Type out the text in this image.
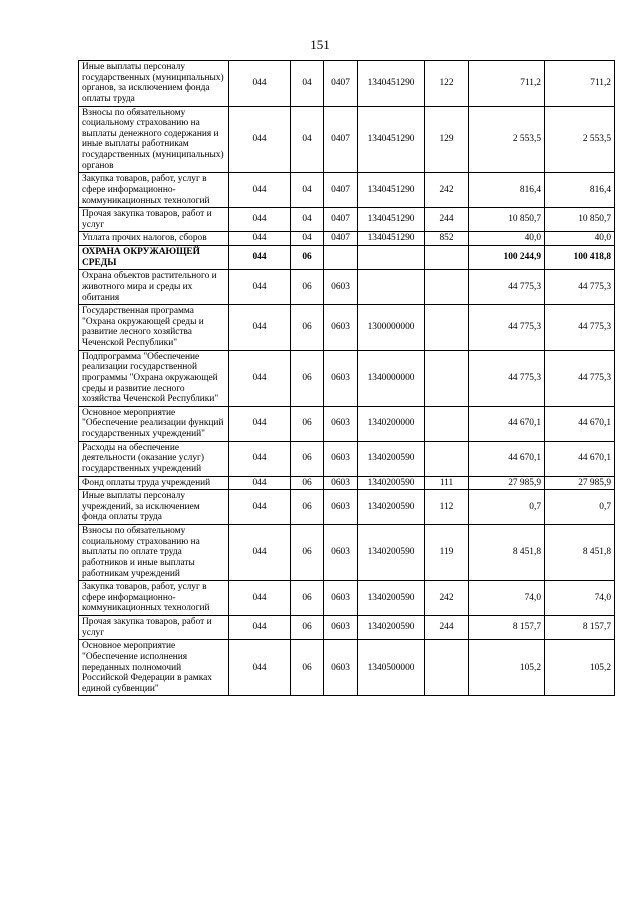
151
Иные выплаты персоналу государственных (муниципальных) органов, за исключением фонда оплаты труда	044	04	0407	1340451290	122	711,2	711,2
Взносы по обязательному социальному страхованию на выплаты денежного содержания и иные выплаты работникам государственных (муниципальных) органов	044	04	0407	1340451290	129	2 553,5	2 553,5
Закупка товаров, работ, услуг в сфере информационно-коммуникационных технологий	044	04	0407	1340451290	242	816,4	816,4
Прочая закупка товаров, работ и услуг	044	04	0407	1340451290	244	10 850,7	10 850,7
Уплата прочих налогов, сборов	044	04	0407	1340451290	852	40,0	40,0
ОХРАНА ОКРУЖАЮЩЕЙ СРЕДЫ	044	06				100 244,9	100 418,8
Охрана объектов растительного и животного мира и среды их обитания	044	06	0603			44 775,3	44 775,3
Государственная программа "Охрана окружающей среды и развитие лесного хозяйства Чеченской Республики"	044	06	0603	1300000000		44 775,3	44 775,3
Подпрограмма "Обеспечение реализации государственной программы "Охрана окружающей среды и развитие лесного хозяйства Чеченской Республики"	044	06	0603	1340000000		44 775,3	44 775,3
Основное мероприятие "Обеспечение реализации функций государственных учреждений"	044	06	0603	1340200000		44 670,1	44 670,1
Расходы на обеспечение деятельности (оказание услуг) государственных учреждений	044	06	0603	1340200590		44 670,1	44 670,1
Фонд оплаты труда учреждений	044	06	0603	1340200590	111	27 985,9	27 985,9
Иные выплаты персоналу учреждений, за исключением фонда оплаты труда	044	06	0603	1340200590	112	0,7	0,7
Взносы по обязательному социальному страхованию на выплаты по оплате труда работников и иные выплаты работникам учреждений	044	06	0603	1340200590	119	8 451,8	8 451,8
Закупка товаров, работ, услуг в сфере информационно-коммуникационных технологий	044	06	0603	1340200590	242	74,0	74,0
Прочая закупка товаров, работ и услуг	044	06	0603	1340200590	244	8 157,7	8 157,7
Основное мероприятие "Обеспечение исполнения переданных полномочий Российской Федерации в рамках единой субвенции"	044	06	0603	1340500000		105,2	105,2
